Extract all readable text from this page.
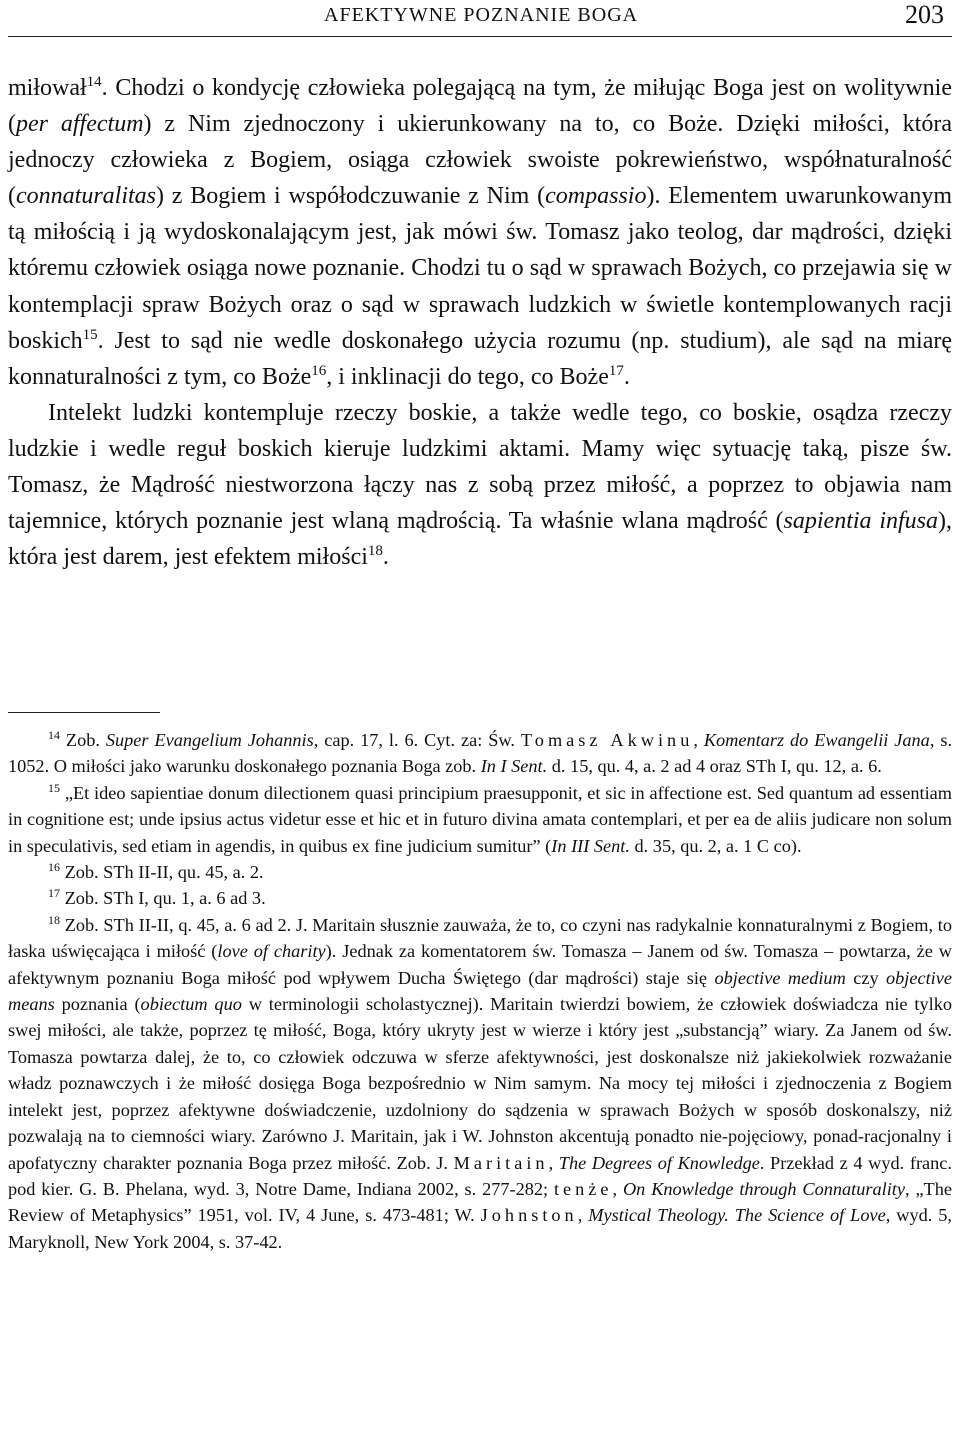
AFEKTYWNE POZNANIE BOGA	203

miłował$^{14}$. Chodzi o kondycję człowieka polegającą na tym, że miłując Boga jest on wolitywnie (per affectum) z Nim zjednoczony i ukierunkowany na to, co Boże. Dzięki miłości, która jednoczy człowieka z Bogiem, osiąga człowiek swoiste pokrewieństwo, współnaturalność (connaturalitas) z Bogiem i współodczuwanie z Nim (compassio). Elementem uwarunkowanym tą miłością i ją wydoskonalającym jest, jak mówi św. Tomasz jako teolog, dar mądrości, dzięki któremu człowiek osiąga nowe poznanie. Chodzi tu o sąd w sprawach Bożych, co przejawia się w kontemplacji spraw Bożych oraz o sąd w sprawach ludzkich w świetle kontemplowanych racji boskich$^{15}$. Jest to sąd nie wedle doskonałego użycia rozumu (np. studium), ale sąd na miarę konnaturalności z tym, co Boże$^{16}$, i inklinacji do tego, co Boże$^{17}$.

Intelekt ludzki kontempluje rzeczy boskie, a także wedle tego, co boskie, osądza rzeczy ludzkie i wedle reguł boskich kieruje ludzkimi aktami. Mamy więc sytuację taką, pisze św. Tomasz, że Mądrość niestworzona łączy nas z sobą przez miłość, a poprzez to objawia nam tajemnice, których poznanie jest wlaną mądrością. Ta właśnie wlana mądrość (sapientia infusa), która jest darem, jest efektem miłości$^{18}$.

$^{14}$ Zob. Super Evangelium Johannis, cap. 17, l. 6. Cyt. za: Św. Tomasz Akwinu, Komentarz do Ewangelii Jana, s. 1052. O miłości jako warunku doskonałego poznania Boga zob. In I Sent. d. 15, qu. 4, a. 2 ad 4 oraz STh I, qu. 12, a. 6.

$^{15}$ „Et ideo sapientiae donum dilectionem quasi principium praesupponit, et sic in affectione est. Sed quantum ad essentiam in cognitione est; unde ipsius actus videtur esse et hic et in futuro divina amata contemplari, et per ea de aliis judicare non solum in speculativis, sed etiam in agendis, in quibus ex fine judicium sumitur” (In III Sent. d. 35, qu. 2, a. 1 C co).

$^{16}$ Zob. STh II-II, qu. 45, a. 2.

$^{17}$ Zob. STh I, qu. 1, a. 6 ad 3.

$^{18}$ Zob. STh II-II, q. 45, a. 6 ad 2. J. Maritain słusznie zauważa, że to, co czyni nas radykalnie konnaturalnymi z Bogiem, to łaska uświęcająca i miłość (love of charity). Jednak za komentatorem św. Tomasza – Janem od św. Tomasza – powtarza, że w afektywnym poznaniu Boga miłość pod wpływem Ducha Świętego (dar mądrości) staje się objective medium czy objective means poznania (obiectum quo w terminologii scholastycznej). Maritain twierdzi bowiem, że człowiek doświadcza nie tylko swej miłości, ale także, poprzez tę miłość, Boga, który ukryty jest w wierze i który jest „substancją” wiary. Za Janem od św. Tomasza powtarza dalej, że to, co człowiek odczuwa w sferze afektywności, jest doskonalsze niż jakiekolwiek rozważanie władz poznawczych i że miłość dosięga Boga bezpośrednio w Nim samym. Na mocy tej miłości i zjednoczenia z Bogiem intelekt jest, poprzez afektywne doświadczenie, uzdolniony do sądzenia w sprawach Bożych w sposób doskonalszy, niż pozwalają na to ciemności wiary. Zarówno J. Maritain, jak i W. Johnston akcentują ponadto nie-pojęciowy, ponad-racjonalny i apofatyczny charakter poznania Boga przez miłość. Zob. J. Maritain, The Degrees of Knowledge. Przekład z 4 wyd. franc. pod kier. G. B. Phelana, wyd. 3, Notre Dame, Indiana 2002, s. 277-282; tenże, On Knowledge through Connaturality, „The Review of Metaphysics” 1951, vol. IV, 4 June, s. 473-481; W. Johnston, Mystical Theology. The Science of Love, wyd. 5, Maryknoll, New York 2004, s. 37-42.
